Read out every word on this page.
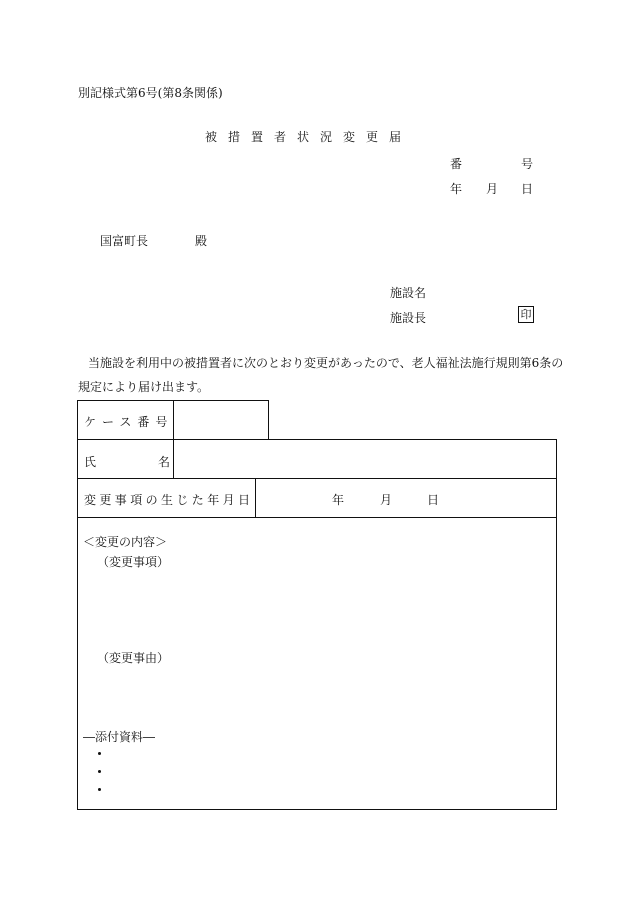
別記様式第6号(第8条関係)
被措置者状況変更届
番	号
年 月 日
国富町長	殿
施設名
施設長	印
当施設を利用中の被措置者に次のとおり変更があったので、老人福祉法施行規則第6条の
規定により届け出ます。
ケース番号
氏	名
変更事項の生じた年月日	年	月	日
＜変更の内容＞
（変更事項）
（変更事由）
―添付資料―
